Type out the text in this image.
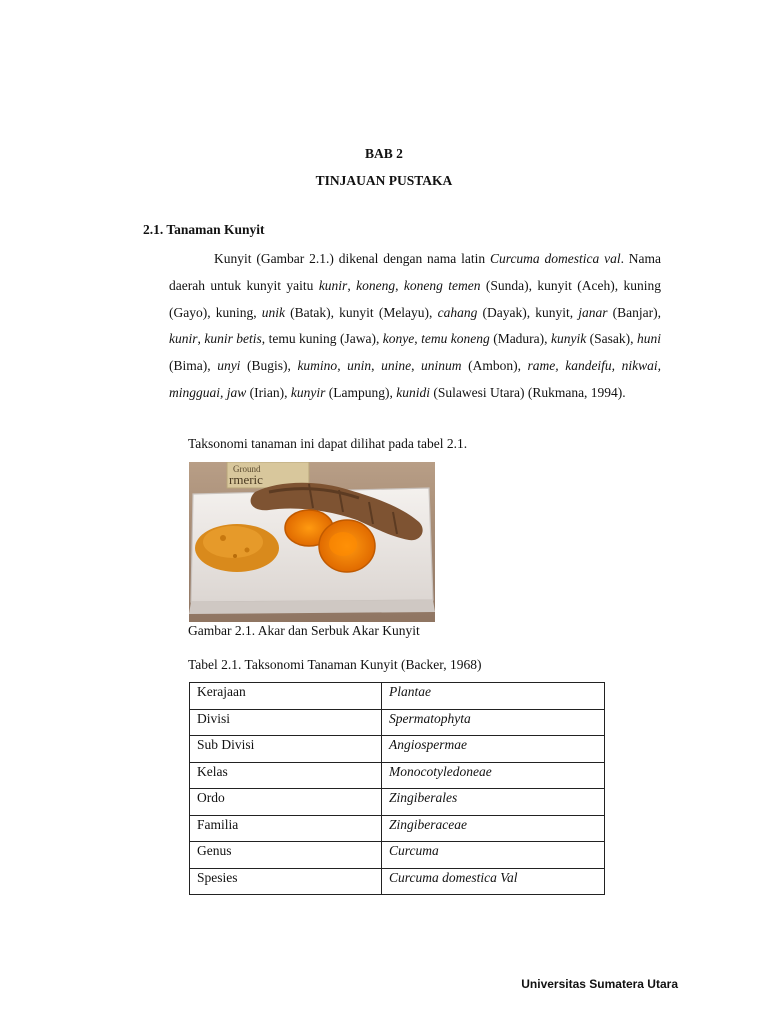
BAB 2
TINJAUAN PUSTAKA
2.1. Tanaman Kunyit

Kunyit (Gambar 2.1.) dikenal dengan nama latin Curcuma domestica val. Nama daerah untuk kunyit yaitu kunir, koneng, koneng temen (Sunda), kunyit (Aceh), kuning (Gayo), kuning, unik (Batak), kunyit (Melayu), cahang (Dayak), kunyit, janar (Banjar), kunir, kunir betis, temu kuning (Jawa), konye, temu koneng (Madura), kunyik (Sasak), huni (Bima), unyi (Bugis), kumino, unin, unine, uninum (Ambon), rame, kandeifu, nikwai, mingguai, jaw (Irian), kunyir (Lampung), kunidi (Sulawesi Utara) (Rukmana, 1994).

Taksonomi tanaman ini dapat dilihat pada tabel 2.1.
Ground
rmeric
Gambar 2.1. Akar dan Serbuk Akar Kunyit
Tabel 2.1. Taksonomi Tanaman Kunyit (Backer, 1968)
Kerajaan	Plantae
Divisi	Spermatophyta
Sub Divisi	Angiospermae
Kelas	Monocotyledoneae
Ordo	Zingiberales
Familia	Zingiberaceae
Genus	Curcuma
Spesies	Curcuma domestica Val
Universitas Sumatera Utara
